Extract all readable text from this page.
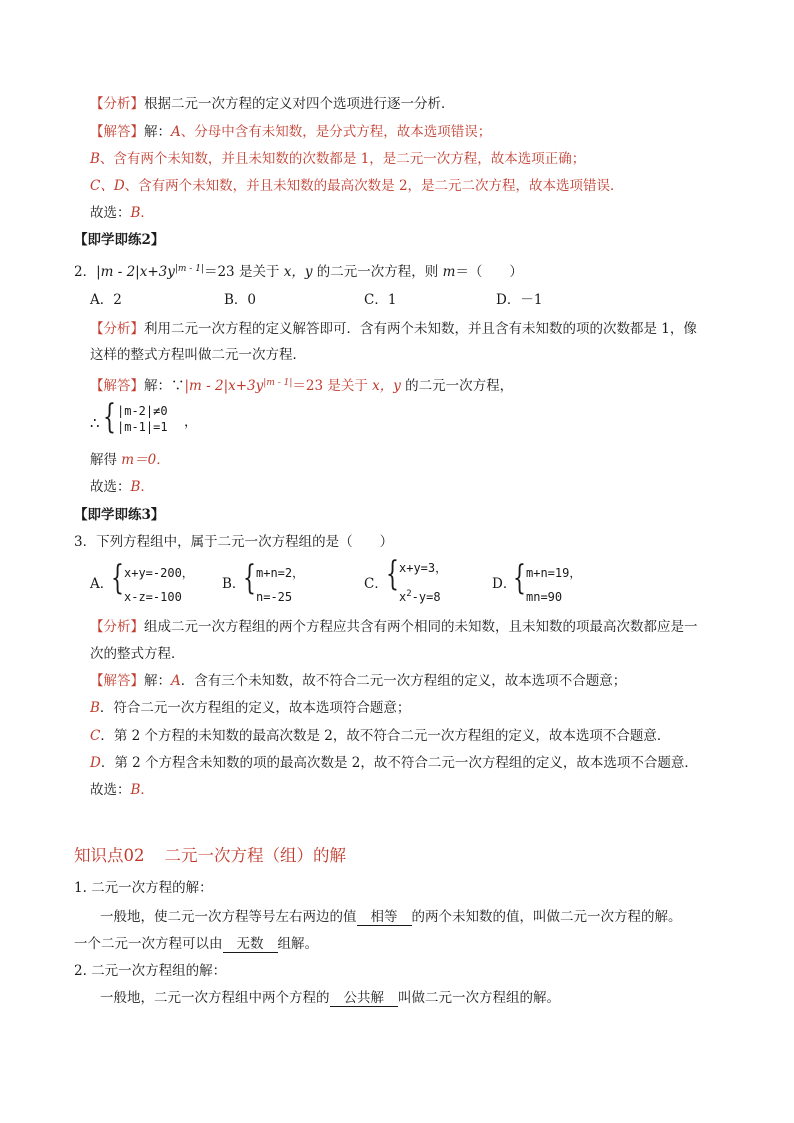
【分析】根据二元一次方程的定义对四个选项进行逐一分析．
【解答】解：A、分母中含有未知数，是分式方程，故本选项错误；
B、含有两个未知数，并且未知数的次数都是 1，是二元一次方程，故本选项正确；
C、D、含有两个未知数，并且未知数的最高次数是 2，是二元二次方程，故本选项错误．
故选：B．
【即学即练2】
2．$|m - 2|x+3y^{|m - 1|}=23$ 是关于 x，y 的二元一次方程，则 m＝（　　）
A．2	B．0	C．1	D．－1
【分析】利用二元一次方程的定义解答即可．含有两个未知数，并且含有未知数的项的次数都是 1，像
这样的整式方程叫做二元一次方程．
【解答】解：∵|m - $2|x+3y^{|m - 1|}=23$ 是关于 x，y 的二元一次方程，
∴ { |m-2|≠0
|m-1|=1 ，
解得 m＝0．
故选：B．
【即学即练3】
3．下列方程组中，属于二元一次方程组的是（　　）
A．
{ x+y=-200，
x-z=-100
B．
{ m+n=2，
n=-25
C．
{ x+y=3，
$x^2-y=8$
D．
{ m+n=19，
mn=90
【分析】组成二元一次方程组的两个方程应共含有两个相同的未知数，且未知数的项最高次数都应是一
次的整式方程．
【解答】解：A．含有三个未知数，故不符合二元一次方程组的定义，故本选项不合题意；
B．符合二元一次方程组的定义，故本选项符合题意；
C．第 2 个方程的未知数的最高次数是 2，故不符合二元一次方程组的定义，故本选项不合题意．
D．第 2 个方程含未知数的项的最高次数是 2，故不符合二元一次方程组的定义，故本选项不合题意．
故选：B．
知识点02 二元一次方程（组）的解
1. 二元一次方程的解：
一般地，使二元一次方程等号左右两边的值 相等 的两个未知数的值，叫做二元一次方程的解。
一个二元一次方程可以由 无数 组解。
2. 二元一次方程组的解：
一般地，二元一次方程组中两个方程的 公共解 叫做二元一次方程组的解。
